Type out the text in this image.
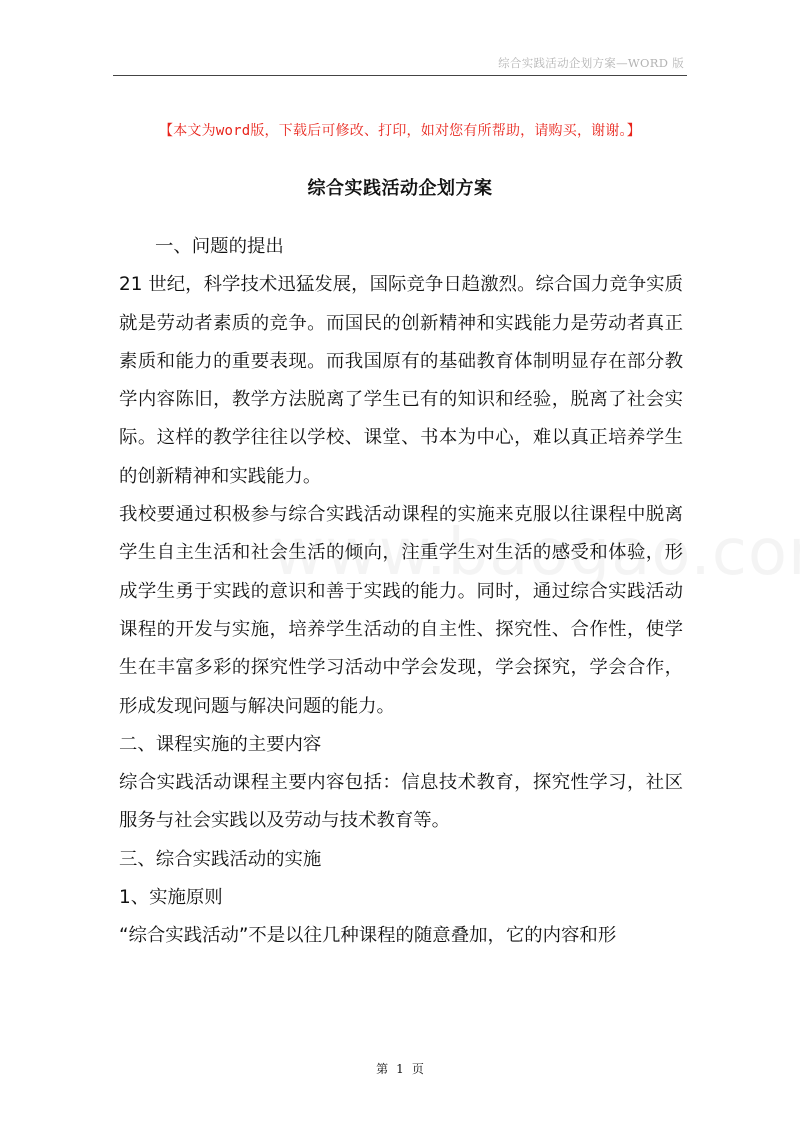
综合实践活动企划方案—WORD 版
【本文为word版，下载后可修改、打印，如对您有所帮助，请购买，谢谢。】
综合实践活动企划方案

一、问题的提出

21 世纪，科学技术迅猛发展，国际竞争日趋激烈。综合国力竞争实质就是劳动者素质的竞争。而国民的创新精神和实践能力是劳动者真正素质和能力的重要表现。而我国原有的基础教育体制明显存在部分教学内容陈旧，教学方法脱离了学生已有的知识和经验，脱离了社会实际。这样的教学往往以学校、课堂、书本为中心，难以真正培养学生的创新精神和实践能力。

我校要通过积极参与综合实践活动课程的实施来克服以往课程中脱离学生自主生活和社会生活的倾向，注重学生对生活的感受和体验，形成学生勇于实践的意识和善于实践的能力。同时，通过综合实践活动课程的开发与实施，培养学生活动的自主性、探究性、合作性，使学生在丰富多彩的探究性学习活动中学会发现，学会探究，学会合作，形成发现问题与解决问题的能力。

二、课程实施的主要内容

综合实践活动课程主要内容包括：信息技术教育，探究性学习，社区服务与社会实践以及劳动与技术教育等。

三、综合实践活动的实施

1、实施原则

“综合实践活动”不是以往几种课程的随意叠加，它的内容和形

第 1 页
